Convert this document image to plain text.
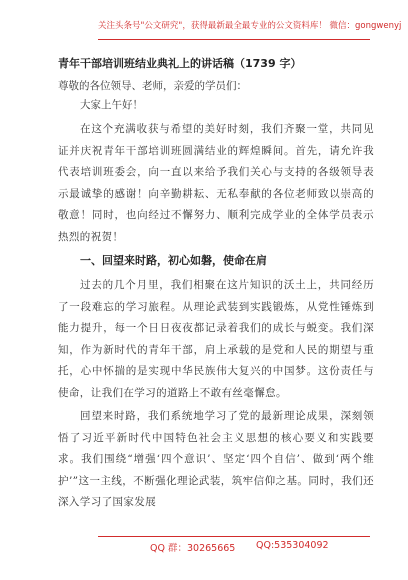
关注头条号"公文研究"，获得最新最全最专业的公文资料库！ 微信：gongwenyj
青年干部培训班结业典礼上的讲话稿（1739 字）

尊敬的各位领导、老师，亲爱的学员们：

大家上午好！

在这个充满收获与希望的美好时刻，我们齐聚一堂，共同见证并庆祝青年干部培训班圆满结业的辉煌瞬间。首先，请允许我代表培训班委会，向一直以来给予我们关心与支持的各级领导表示最诚挚的感谢！向辛勤耕耘、无私奉献的各位老师致以崇高的敬意！同时，也向经过不懈努力、顺利完成学业的全体学员表示热烈的祝贺！

一、回望来时路，初心如磐，使命在肩

过去的几个月里，我们相聚在这片知识的沃土上，共同经历了一段难忘的学习旅程。从理论武装到实践锻炼，从党性锤炼到能力提升，每一个日日夜夜都记录着我们的成长与蜕变。我们深知，作为新时代的青年干部，肩上承载的是党和人民的期望与重托，心中怀揣的是实现中华民族伟大复兴的中国梦。这份责任与使命，让我们在学习的道路上不敢有丝毫懈怠。

回望来时路，我们系统地学习了党的最新理论成果，深刻领悟了习近平新时代中国特色社会主义思想的核心要义和实践要求。我们围绕“增强‘四个意识’、坚定‘四个自信’、做到‘两个维护’”这一主线，不断强化理论武装，筑牢信仰之基。同时，我们还深入学习了国家发展

QQ 群：30265665 QQ:535304092
